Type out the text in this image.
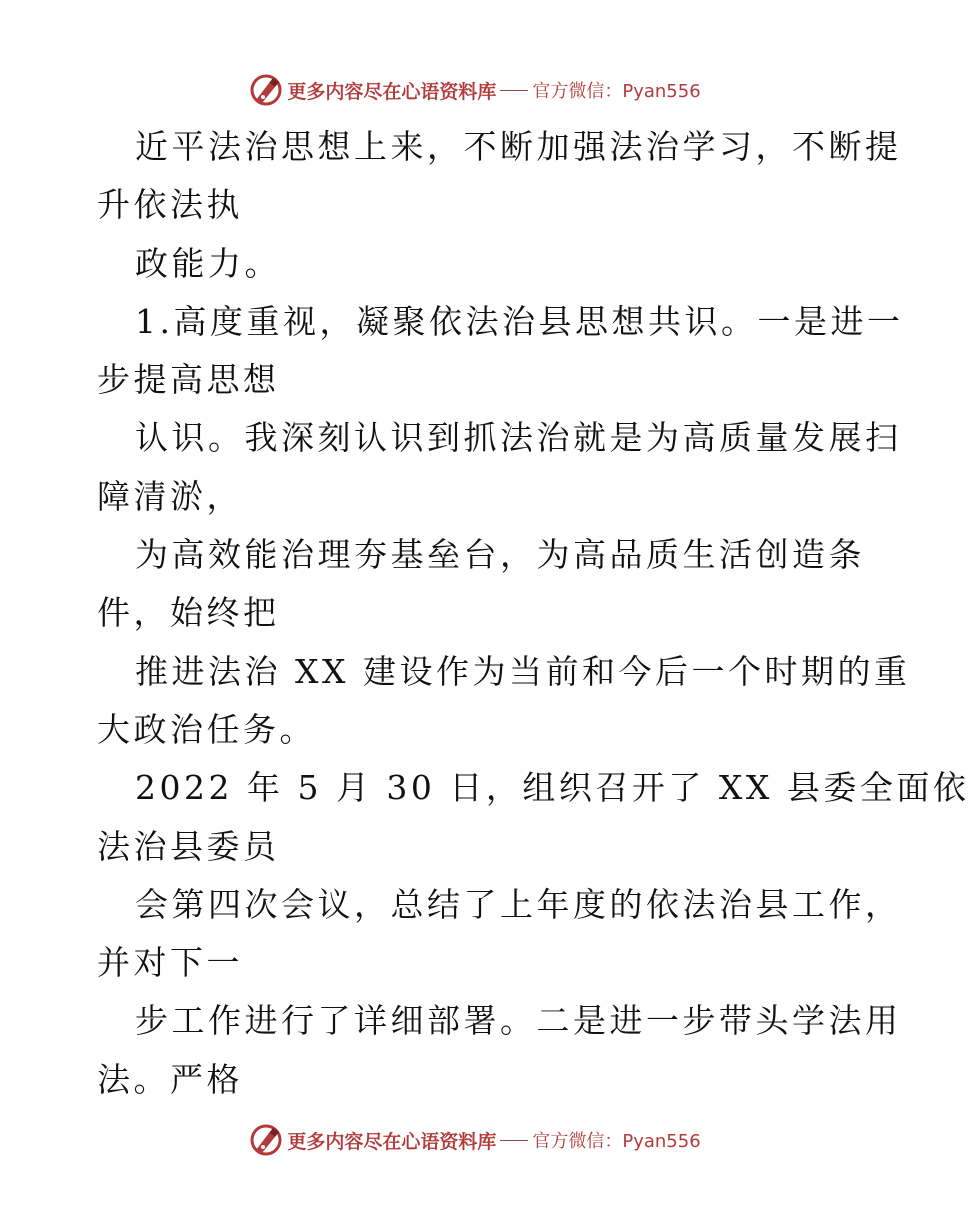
更多内容尽在心语资料库 官方微信：Pyan556
近平法治思想上来，不断加强法治学习，不断提
升依法执
政能力。
1.高度重视，凝聚依法治县思想共识。一是进一
步提高思想
认识。我深刻认识到抓法治就是为高质量发展扫
障清淤，
为高效能治理夯基垒台，为高品质生活创造条
件，始终把
推进法治 XX 建设作为当前和今后一个时期的重
大政治任务。
2022 年 5 月 30 日，组织召开了 XX 县委全面依
法治县委员
会第四次会议，总结了上年度的依法治县工作，
并对下一
步工作进行了详细部署。二是进一步带头学法用
法。严格
更多内容尽在心语资料库 官方微信：Pyan556
